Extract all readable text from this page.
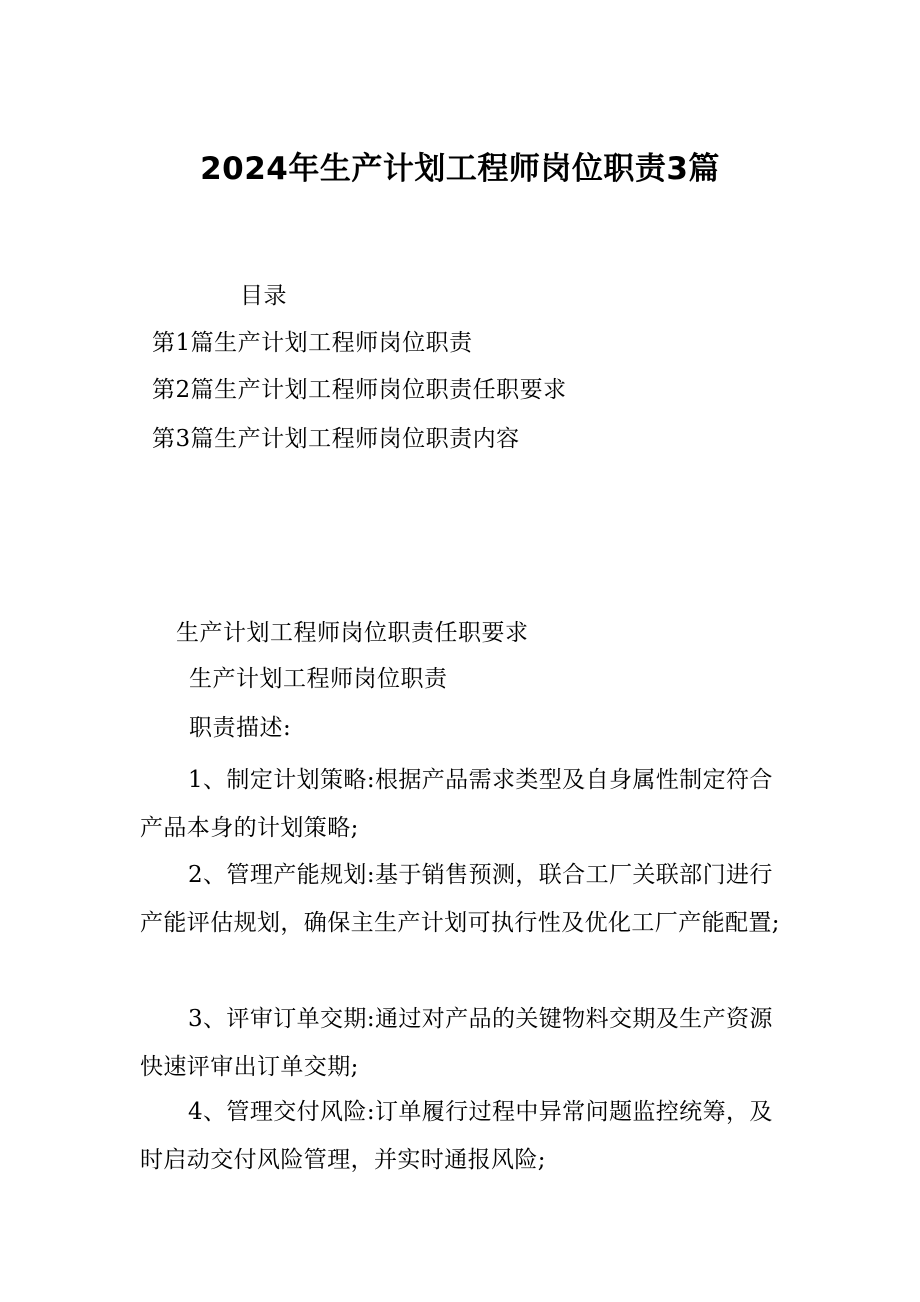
2024年生产计划工程师岗位职责3篇
目录
第1篇生产计划工程师岗位职责
第2篇生产计划工程师岗位职责任职要求
第3篇生产计划工程师岗位职责内容
生产计划工程师岗位职责任职要求
生产计划工程师岗位职责
职责描述:
1、制定计划策略:根据产品需求类型及自身属性制定符合产品本身的计划策略;
2、管理产能规划:基于销售预测，联合工厂关联部门进行产能评估规划，确保主生产计划可执行性及优化工厂产能配置;
3、评审订单交期:通过对产品的关键物料交期及生产资源快速评审出订单交期;
4、管理交付风险:订单履行过程中异常问题监控统筹，及时启动交付风险管理，并实时通报风险;
